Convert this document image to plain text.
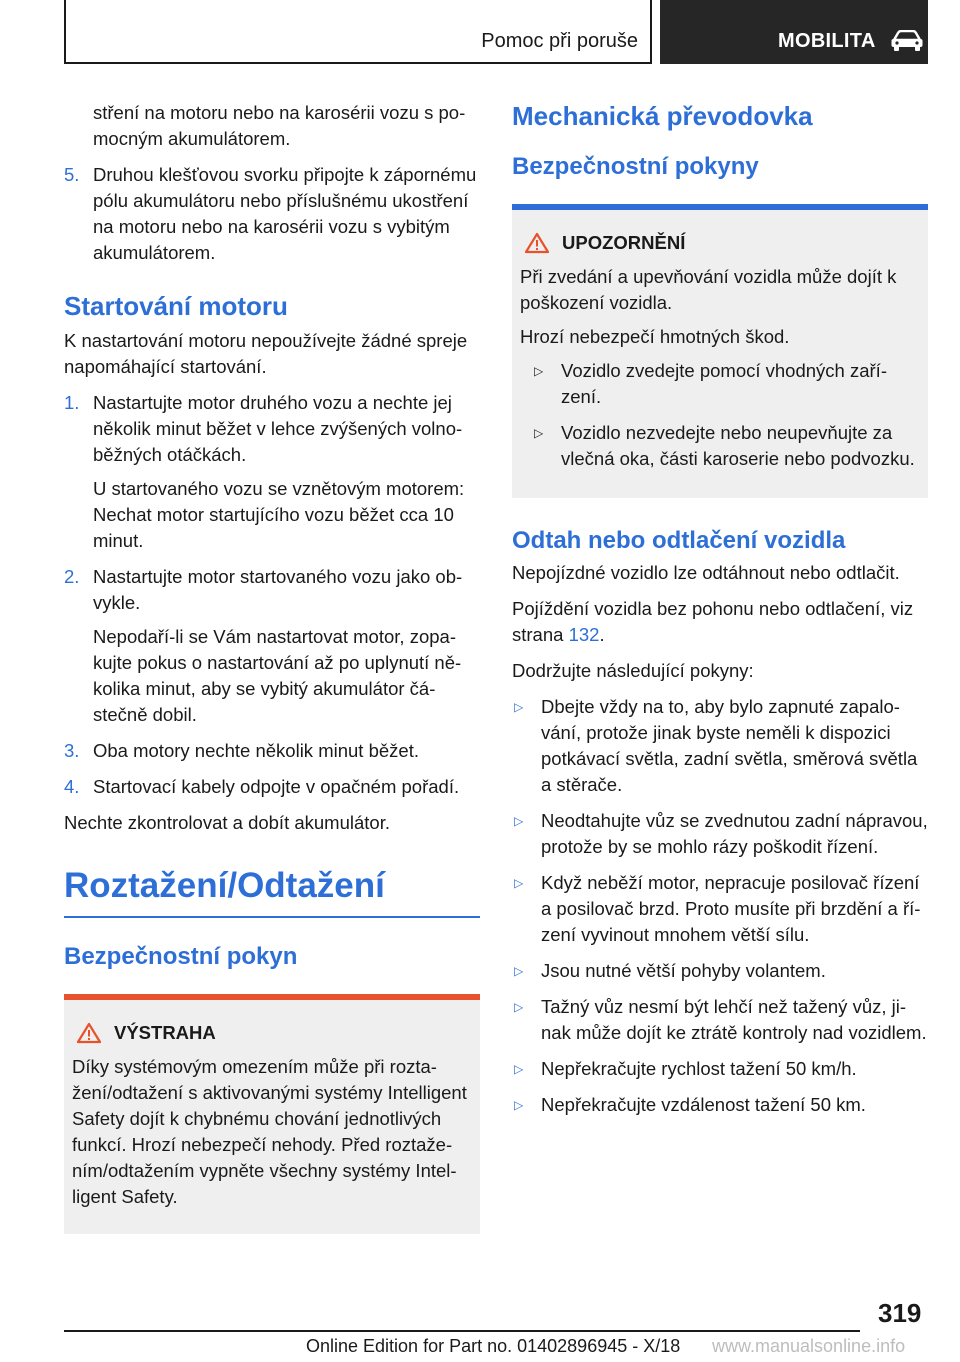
Pomoc při poruše	MOBILITA
stření na motoru nebo na karosérii vozu s pomocným akumulátorem.
5. Druhou klešťovou svorku připojte k zápornému pólu akumulátoru nebo příslušnému ukostření na motoru nebo na karosérii vozu s vybitým akumulátorem.
Startování motoru

K nastartování motoru nepoužívejte žádné spreje napomáhající startování.

1. Nastartujte motor druhého vozu a nechte jej několik minut běžet v lehce zvýšených volnoběžných otáčkách.
U startovaného vozu se vznětovým motorem: Nechat motor startujícího vozu běžet cca 10 minut.
2. Nastartujte motor startovaného vozu jako obvykle.
Nepodaří-li se Vám nastartovat motor, zopakujte pokus o nastartování až po uplynutí několika minut, aby se vybitý akumulátor částečně dobil.
3. Oba motory nechte několik minut běžet.
4. Startovací kabely odpojte v opačném pořadí.

Nechte zkontrolovat a dobít akumulátor.

Roztažení/Odtažení
Bezpečnostní pokyn
VÝSTRAHA

Díky systémovým omezením může při roztažení/odtažení s aktivovanými systémy Intelligent Safety dojít k chybnému chování jednotlivých funkcí. Hrozí nebezpečí nehody. Před roztažením/odtažením vypněte všechny systémy Intelligent Safety.

Mechanická převodovka
Bezpečnostní pokyny
UPOZORNĚNÍ

Při zvedání a upevňování vozidla může dojít k poškození vozidla.

Hrozí nebezpečí hmotných škod.

▷ Vozidlo zvedejte pomocí vhodných zařízení.
▷ Vozidlo nezvedejte nebo neupevňujte za vlečná oka, části karoserie nebo podvozku.
Odtah nebo odtlačení vozidla

Nepojízdné vozidlo lze odtáhnout nebo odtlačit.

Pojíždění vozidla bez pohonu nebo odtlačení, viz strana 132.

Dodržujte následující pokyny:

▷ Dbejte vždy na to, aby bylo zapnuté zapalování, protože jinak byste neměli k dispozici potkávací světla, zadní světla, směrová světla a stěrače.
▷ Neodtahujte vůz se zvednutou zadní nápravou, protože by se mohlo rázy poškodit řízení.
▷ Když neběží motor, nepracuje posilovač řízení a posilovač brzd. Proto musíte při brzdění a řízení vyvinout mnohem větší sílu.
▷ Jsou nutné větší pohyby volantem.
▷ Tažný vůz nesmí být lehčí než tažený vůz, jinak může dojít ke ztrátě kontroly nad vozidlem.
▷ Nepřekračujte rychlost tažení 50 km/h.
▷ Nepřekračujte vzdálenost tažení 50 km.
319
Online Edition for Part no. 01402896945 - X/18 www.manualsonline.info
